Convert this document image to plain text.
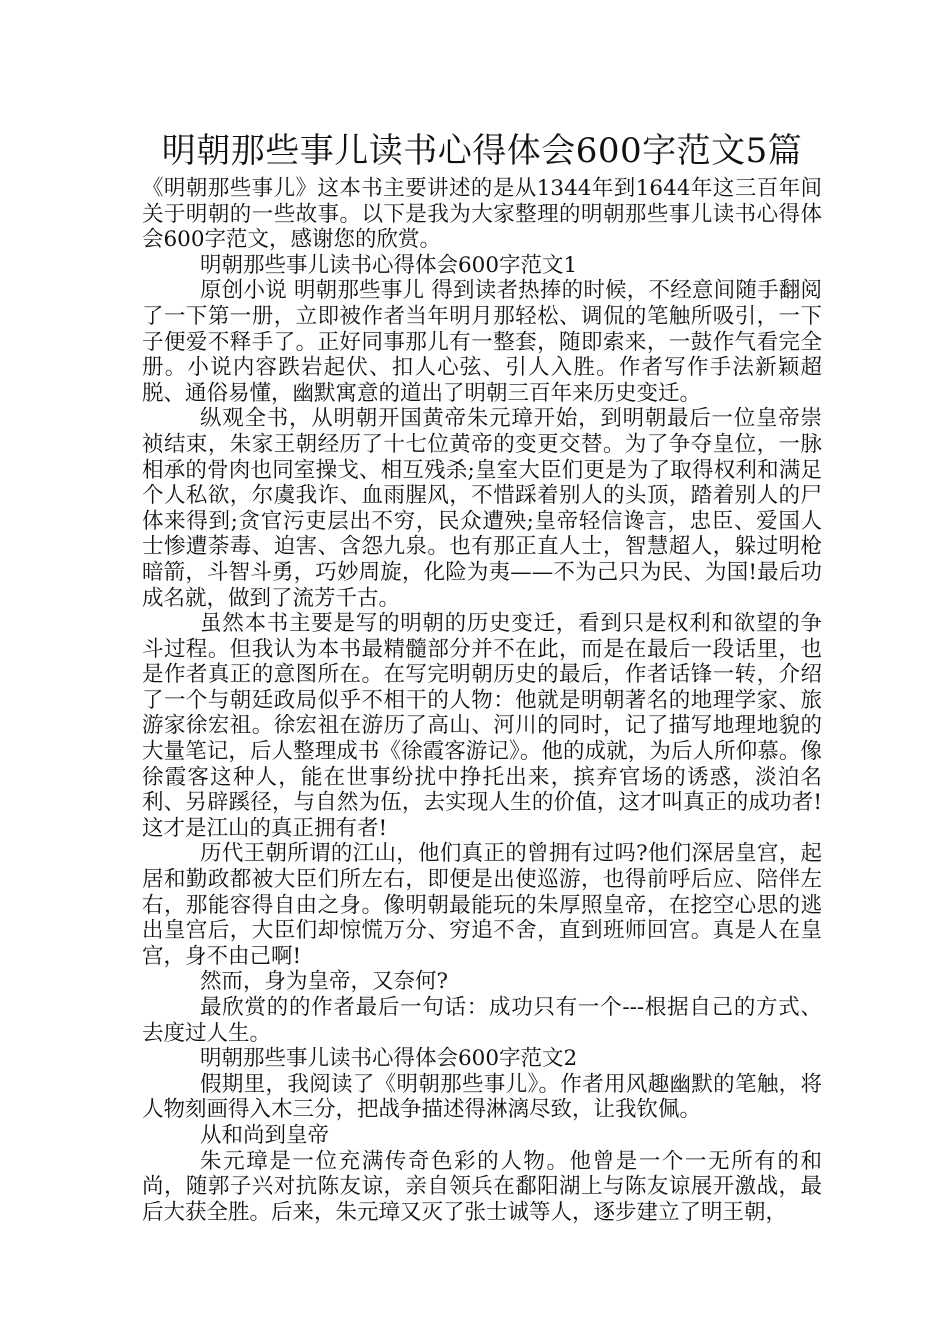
明朝那些事儿读书心得体会600字范文5篇

《明朝那些事儿》这本书主要讲述的是从1344年到1644年这三百年间关于明朝的一些故事。以下是我为大家整理的明朝那些事儿读书心得体会600字范文，感谢您的欣赏。

明朝那些事儿读书心得体会600字范文1

原创小说 明朝那些事儿 得到读者热捧的时候，不经意间随手翻阅了一下第一册，立即被作者当年明月那轻松、调侃的笔触所吸引，一下子便爱不释手了。正好同事那儿有一整套，随即索来，一鼓作气看完全册。小说内容跌岩起伏、扣人心弦、引人入胜。作者写作手法新颖超脱、通俗易懂，幽默寓意的道出了明朝三百年来历史变迁。

纵观全书，从明朝开国黄帝朱元璋开始，到明朝最后一位皇帝崇祯结束，朱家王朝经历了十七位黄帝的变更交替。为了争夺皇位，一脉相承的骨肉也同室操戈、相互残杀;皇室大臣们更是为了取得权利和满足个人私欲，尔虞我诈、血雨腥风，不惜踩着别人的头顶，踏着别人的尸体来得到;贪官污吏层出不穷，民众遭殃;皇帝轻信谗言，忠臣、爱国人士惨遭荼毒、迫害、含怨九泉。也有那正直人士，智慧超人，躲过明枪暗箭，斗智斗勇，巧妙周旋，化险为夷——不为己只为民、为国!最后功成名就，做到了流芳千古。

虽然本书主要是写的明朝的历史变迁，看到只是权利和欲望的争斗过程。但我认为本书最精髓部分并不在此，而是在最后一段话里，也是作者真正的意图所在。在写完明朝历史的最后，作者话锋一转，介绍了一个与朝廷政局似乎不相干的人物：他就是明朝著名的地理学家、旅游家徐宏祖。徐宏祖在游历了高山、河川的同时，记了描写地理地貌的大量笔记，后人整理成书《徐霞客游记》。他的成就，为后人所仰慕。像徐霞客这种人，能在世事纷扰中挣托出来，摈弃官场的诱惑，淡泊名利、另辟蹊径，与自然为伍，去实现人生的价值，这才叫真正的成功者!这才是江山的真正拥有者!

历代王朝所谓的江山，他们真正的曾拥有过吗?他们深居皇宫，起居和勤政都被大臣们所左右，即便是出使巡游，也得前呼后应、陪伴左右，那能容得自由之身。像明朝最能玩的朱厚照皇帝，在挖空心思的逃出皇宫后，大臣们却惊慌万分、穷追不舍，直到班师回宫。真是人在皇宫，身不由己啊!

然而，身为皇帝，又奈何?

最欣赏的的作者最后一句话：成功只有一个---根据自己的方式、去度过人生。

明朝那些事儿读书心得体会600字范文2

假期里，我阅读了《明朝那些事儿》。作者用风趣幽默的笔触，将人物刻画得入木三分，把战争描述得淋漓尽致，让我钦佩。

从和尚到皇帝

朱元璋是一位充满传奇色彩的人物。他曾是一个一无所有的和尚，随郭子兴对抗陈友谅，亲自领兵在鄱阳湖上与陈友谅展开激战，最后大获全胜。后来，朱元璋又灭了张士诚等人，逐步建立了明王朝，
